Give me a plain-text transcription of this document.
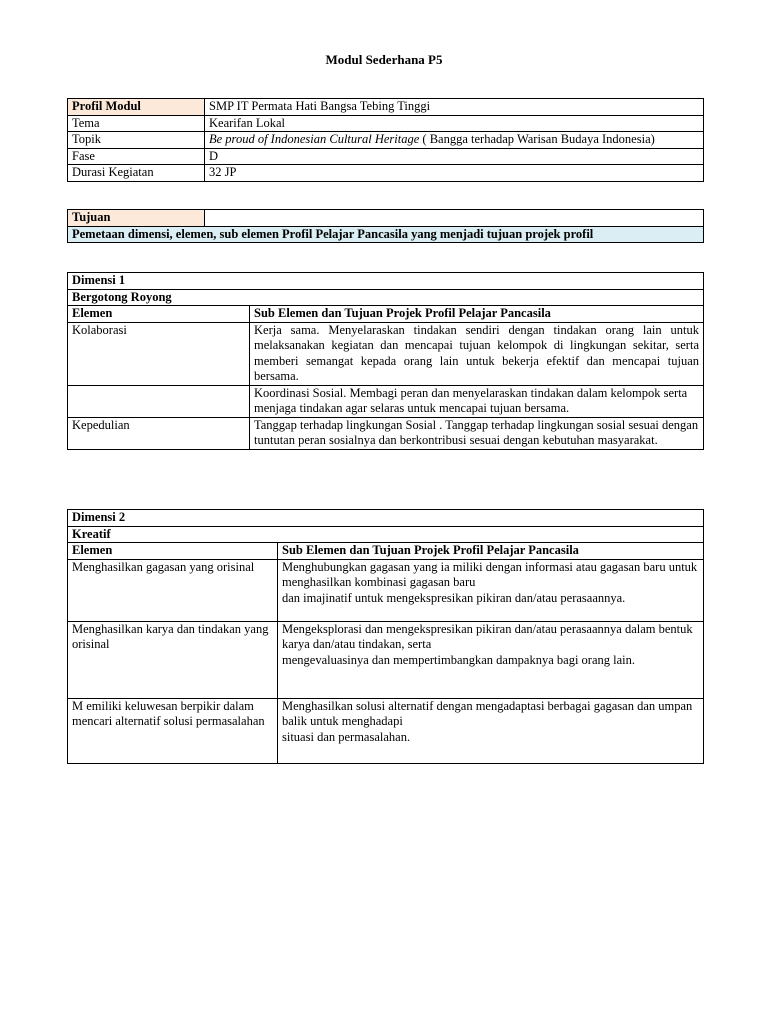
Modul Sederhana P5
Profil Modul	SMP IT Permata Hati Bangsa Tebing Tinggi
Tema	Kearifan Lokal
Topik	Be proud of Indonesian Cultural Heritage ( Bangga terhadap Warisan Budaya Indonesia)
Fase	D
Durasi Kegiatan	32 JP
Tujuan	
Pemetaan dimensi, elemen, sub elemen Profil Pelajar Pancasila yang menjadi tujuan projek profil
Dimensi 1	
Bergotong Royong	
Elemen	Sub Elemen dan Tujuan Projek Profil Pelajar Pancasila
Kolaborasi	Kerja sama. Menyelaraskan tindakan sendiri dengan tindakan orang lain untuk melaksanakan kegiatan dan mencapai tujuan kelompok di lingkungan sekitar, serta memberi semangat kepada orang lain untuk bekerja efektif dan mencapai tujuan bersama.
	Koordinasi Sosial. Membagi peran dan menyelaraskan tindakan dalam kelompok serta menjaga tindakan agar selaras untuk mencapai tujuan bersama.
Kepedulian	Tanggap terhadap lingkungan Sosial . Tanggap terhadap lingkungan sosial sesuai dengan tuntutan peran sosialnya dan berkontribusi sesuai dengan kebutuhan masyarakat.
Dimensi 2	
Kreatif	
Elemen	Sub Elemen dan Tujuan Projek Profil Pelajar Pancasila
Menghasilkan gagasan yang orisinal	Menghubungkan gagasan yang ia miliki dengan informasi atau gagasan baru untuk menghasilkan kombinasi gagasan baru
dan imajinatif untuk mengekspresikan pikiran dan/atau perasaannya.

Menghasilkan karya dan tindakan yang orisinal	Mengeksplorasi dan mengekspresikan pikiran dan/atau perasaannya dalam bentuk karya dan/atau tindakan, serta
mengevaluasinya dan mempertimbangkan dampaknya bagi orang lain.

M emiliki keluwesan berpikir dalam mencari alternatif solusi permasalahan	Menghasilkan solusi alternatif dengan mengadaptasi berbagai gagasan dan umpan balik untuk menghadapi
situasi dan permasalahan.
